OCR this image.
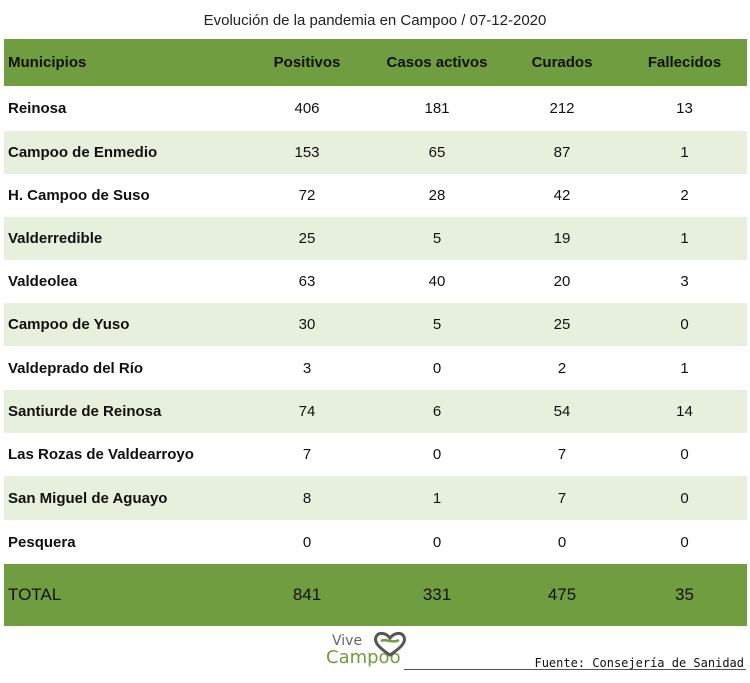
Evolución de la pandemia en Campoo / 07-12-2020
Municipios	Positivos	Casos activos	Curados	Fallecidos
Reinosa	406	181	212	13
Campoo de Enmedio	153	65	87	1
H. Campoo de Suso	72	28	42	2
Valderredible	25	5	19	1
Valdeolea	63	40	20	3
Campoo de Yuso	30	5	25	0
Valdeprado del Río	3	0	2	1
Santiurde de Reinosa	74	6	54	14
Las Rozas de Valdearroyo	7	0	7	0
San Miguel de Aguayo	8	1	7	0
Pesquera	0	0	0	0
TOTAL	841	331	475	35
Vive
Campoo	Fuente: Consejería de Sanidad
